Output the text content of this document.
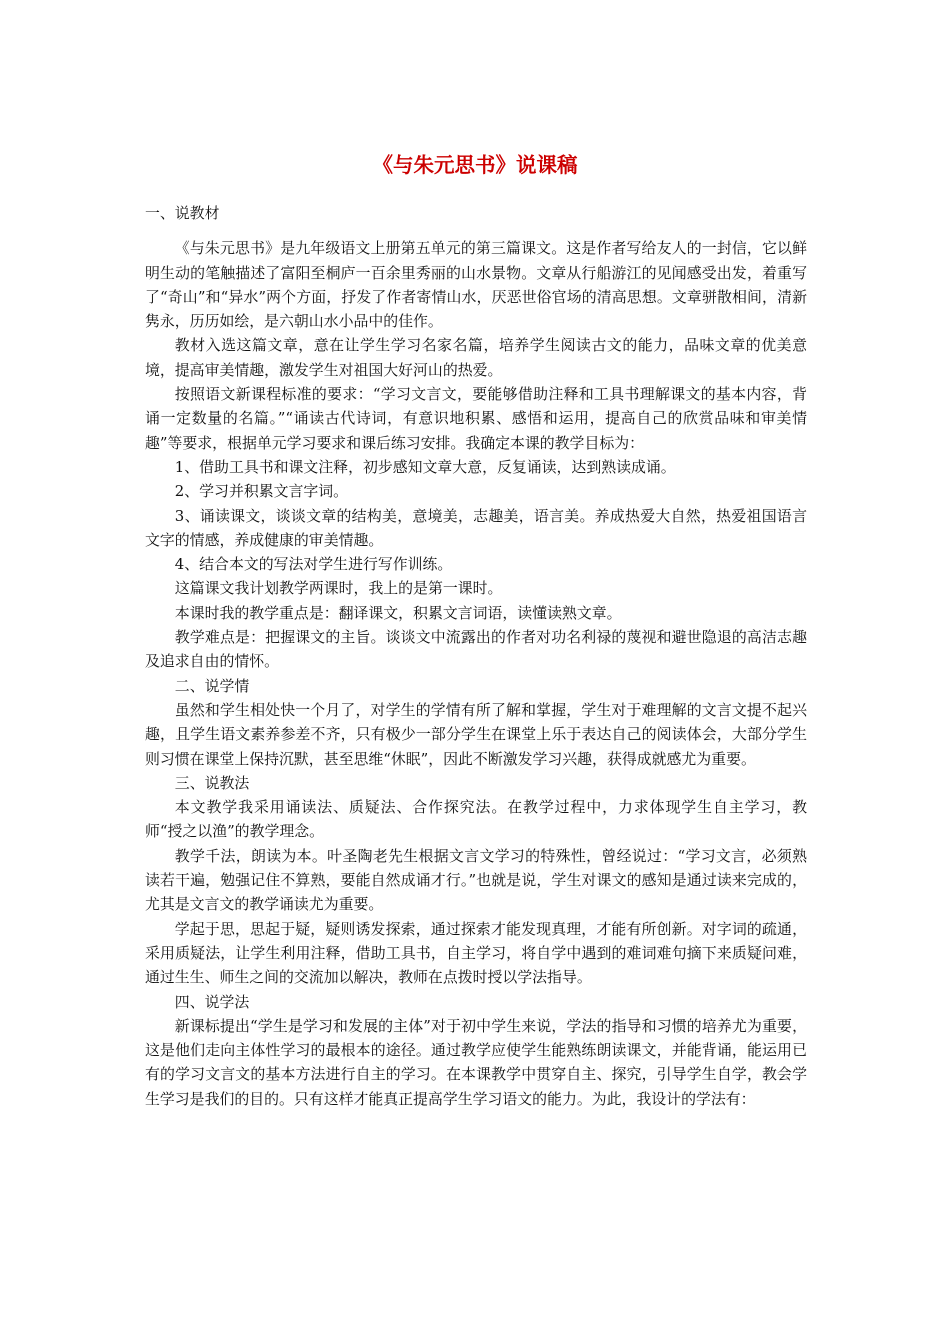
《与朱元思书》说课稿

一、说教材

《与朱元思书》是九年级语文上册第五单元的第三篇课文。这是作者写给友人的一封信，它以鲜明生动的笔触描述了富阳至桐庐一百余里秀丽的山水景物。文章从行船游江的见闻感受出发，着重写了“奇山”和“异水”两个方面，抒发了作者寄情山水，厌恶世俗官场的清高思想。文章骈散相间，清新隽永，历历如绘，是六朝山水小品中的佳作。

教材入选这篇文章，意在让学生学习名家名篇，培养学生阅读古文的能力，品味文章的优美意境，提高审美情趣，激发学生对祖国大好河山的热爱。

按照语文新课程标准的要求：“学习文言文，要能够借助注释和工具书理解课文的基本内容，背诵一定数量的名篇。”“诵读古代诗词，有意识地积累、感悟和运用，提高自己的欣赏品味和审美情趣”等要求，根据单元学习要求和课后练习安排。我确定本课的教学目标为：

1、借助工具书和课文注释，初步感知文章大意，反复诵读，达到熟读成诵。

2、学习并积累文言字词。

3、诵读课文，谈谈文章的结构美，意境美，志趣美，语言美。养成热爱大自然，热爱祖国语言文字的情感，养成健康的审美情趣。

4、结合本文的写法对学生进行写作训练。

这篇课文我计划教学两课时，我上的是第一课时。

本课时我的教学重点是：翻译课文，积累文言词语，读懂读熟文章。

教学难点是：把握课文的主旨。谈谈文中流露出的作者对功名利禄的蔑视和避世隐退的高洁志趣及追求自由的情怀。

二、说学情

虽然和学生相处快一个月了，对学生的学情有所了解和掌握，学生对于难理解的文言文提不起兴趣，且学生语文素养参差不齐，只有极少一部分学生在课堂上乐于表达自己的阅读体会，大部分学生则习惯在课堂上保持沉默，甚至思维“休眠”，因此不断激发学习兴趣，获得成就感尤为重要。

三、说教法

本文教学我采用诵读法、质疑法、合作探究法。在教学过程中，力求体现学生自主学习，教师“授之以渔”的教学理念。

教学千法，朗读为本。叶圣陶老先生根据文言文学习的特殊性，曾经说过：“学习文言，必须熟读若干遍，勉强记住不算熟，要能自然成诵才行。”也就是说，学生对课文的感知是通过读来完成的，尤其是文言文的教学诵读尤为重要。

学起于思，思起于疑，疑则诱发探索，通过探索才能发现真理，才能有所创新。对字词的疏通，采用质疑法，让学生利用注释，借助工具书，自主学习，将自学中遇到的难词难句摘下来质疑问难，通过生生、师生之间的交流加以解决，教师在点拨时授以学法指导。

四、说学法

新课标提出“学生是学习和发展的主体”对于初中学生来说，学法的指导和习惯的培养尤为重要，这是他们走向主体性学习的最根本的途径。通过教学应使学生能熟练朗读课文，并能背诵，能运用已有的学习文言文的基本方法进行自主的学习。在本课教学中贯穿自主、探究，引导学生自学，教会学生学习是我们的目的。只有这样才能真正提高学生学习语文的能力。为此，我设计的学法有：
